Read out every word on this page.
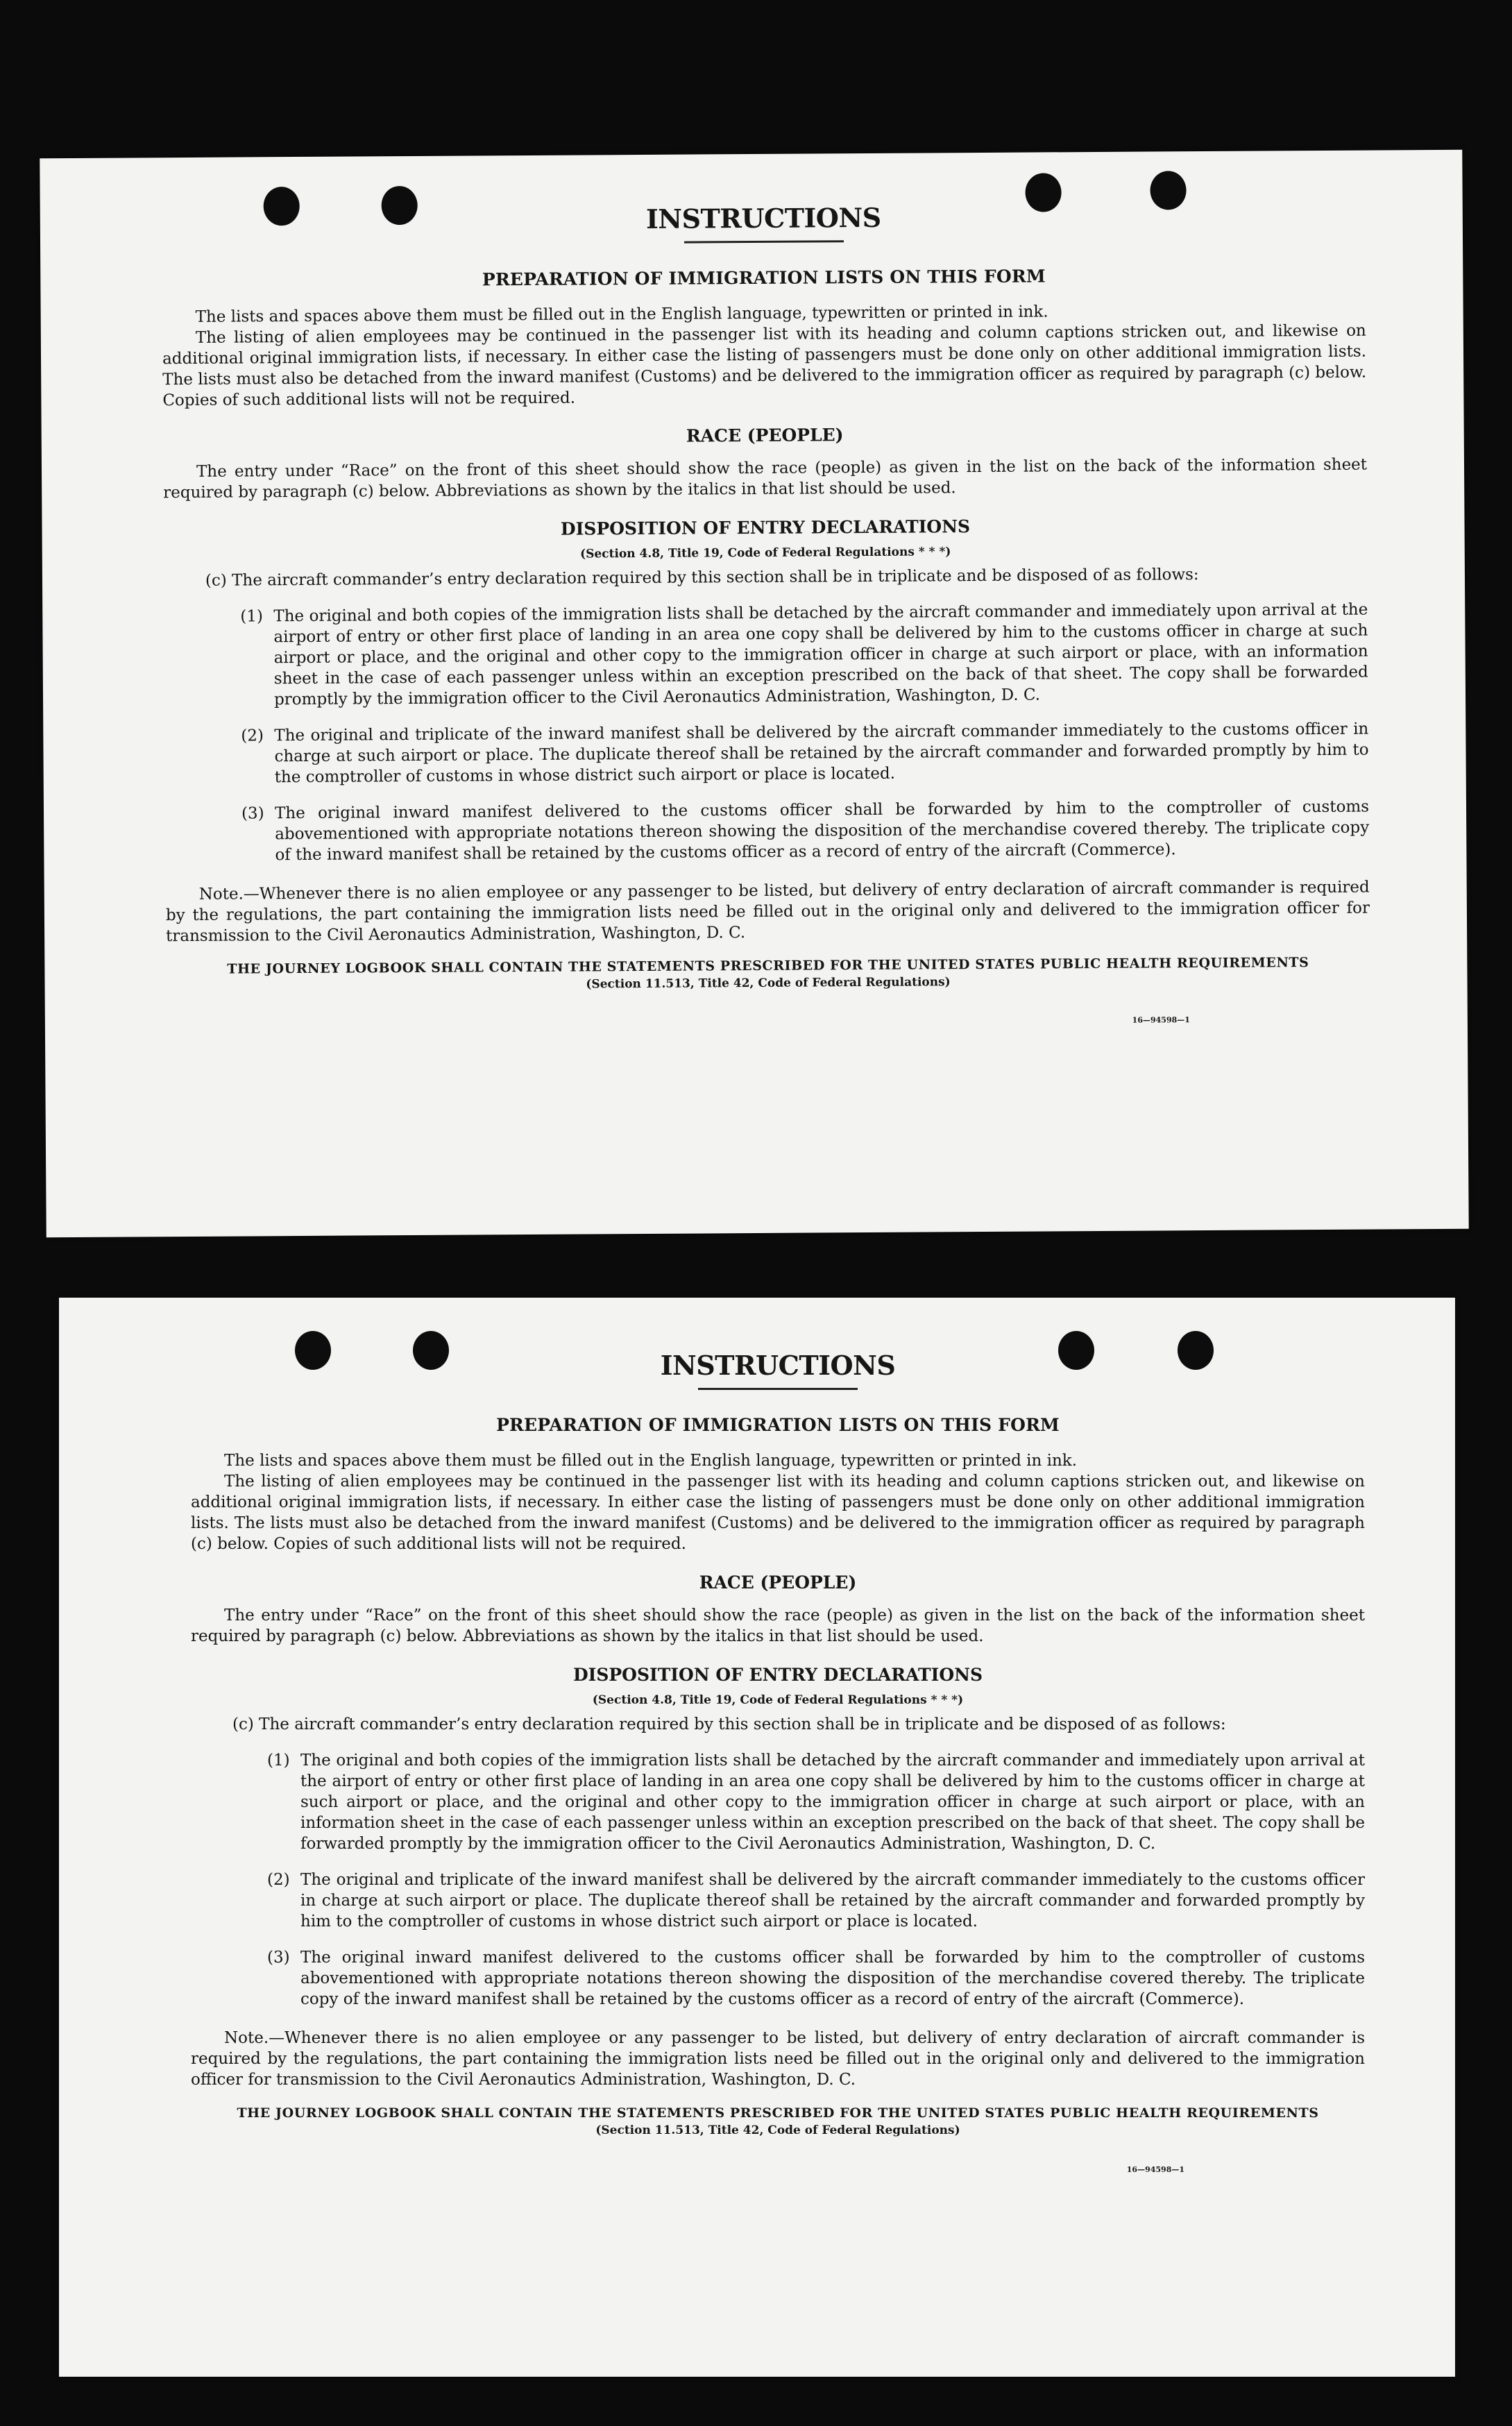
INSTRUCTIONS
PREPARATION OF IMMIGRATION LISTS ON THIS FORM

The lists and spaces above them must be filled out in the English language, typewritten or printed in ink.

The listing of alien employees may be continued in the passenger list with its heading and column captions stricken out, and likewise on additional original immigration lists, if necessary. In either case the listing of passengers must be done only on other additional immigration lists. The lists must also be detached from the inward manifest (Customs) and be delivered to the immigration officer as required by paragraph (c) below. Copies of such additional lists will not be required.

RACE (PEOPLE)

The entry under “Race” on the front of this sheet should show the race (people) as given in the list on the back of the information sheet required by paragraph (c) below. Abbreviations as shown by the italics in that list should be used.

DISPOSITION OF ENTRY DECLARATIONS
(Section 4.8, Title 19, Code of Federal Regulations * * *)

(c) The aircraft commander’s entry declaration required by this section shall be in triplicate and be disposed of as follows:

(1) The original and both copies of the immigration lists shall be detached by the aircraft commander and immediately upon arrival at the airport of entry or other first place of landing in an area one copy shall be delivered by him to the customs officer in charge at such airport or place, and the original and other copy to the immigration officer in charge at such airport or place, with an information sheet in the case of each passenger unless within an exception prescribed on the back of that sheet. The copy shall be forwarded promptly by the immigration officer to the Civil Aeronautics Administration, Washington, D. C.

(2) The original and triplicate of the inward manifest shall be delivered by the aircraft commander immediately to the customs officer in charge at such airport or place. The duplicate thereof shall be retained by the aircraft commander and forwarded promptly by him to the comptroller of customs in whose district such airport or place is located.

(3) The original inward manifest delivered to the customs officer shall be forwarded by him to the comptroller of customs abovementioned with appropriate notations thereon showing the disposition of the merchandise covered thereby. The triplicate copy of the inward manifest shall be retained by the customs officer as a record of entry of the aircraft (Commerce).

Note.—Whenever there is no alien employee or any passenger to be listed, but delivery of entry declaration of aircraft commander is required by the regulations, the part containing the immigration lists need be filled out in the original only and delivered to the immigration officer for transmission to the Civil Aeronautics Administration, Washington, D. C.

THE JOURNEY LOGBOOK SHALL CONTAIN THE STATEMENTS PRESCRIBED FOR THE UNITED STATES PUBLIC HEALTH REQUIREMENTS
(Section 11.513, Title 42, Code of Federal Regulations)
16—94598—1
INSTRUCTIONS
PREPARATION OF IMMIGRATION LISTS ON THIS FORM

The lists and spaces above them must be filled out in the English language, typewritten or printed in ink.

The listing of alien employees may be continued in the passenger list with its heading and column captions stricken out, and likewise on additional original immigration lists, if necessary. In either case the listing of passengers must be done only on other additional immigration lists. The lists must also be detached from the inward manifest (Customs) and be delivered to the immigration officer as required by paragraph (c) below. Copies of such additional lists will not be required.

RACE (PEOPLE)

The entry under “Race” on the front of this sheet should show the race (people) as given in the list on the back of the information sheet required by paragraph (c) below. Abbreviations as shown by the italics in that list should be used.

DISPOSITION OF ENTRY DECLARATIONS
(Section 4.8, Title 19, Code of Federal Regulations * * *)

(c) The aircraft commander’s entry declaration required by this section shall be in triplicate and be disposed of as follows:

(1) The original and both copies of the immigration lists shall be detached by the aircraft commander and immediately upon arrival at the airport of entry or other first place of landing in an area one copy shall be delivered by him to the customs officer in charge at such airport or place, and the original and other copy to the immigration officer in charge at such airport or place, with an information sheet in the case of each passenger unless within an exception prescribed on the back of that sheet. The copy shall be forwarded promptly by the immigration officer to the Civil Aeronautics Administration, Washington, D. C.

(2) The original and triplicate of the inward manifest shall be delivered by the aircraft commander immediately to the customs officer in charge at such airport or place. The duplicate thereof shall be retained by the aircraft commander and forwarded promptly by him to the comptroller of customs in whose district such airport or place is located.

(3) The original inward manifest delivered to the customs officer shall be forwarded by him to the comptroller of customs abovementioned with appropriate notations thereon showing the disposition of the merchandise covered thereby. The triplicate copy of the inward manifest shall be retained by the customs officer as a record of entry of the aircraft (Commerce).

Note.—Whenever there is no alien employee or any passenger to be listed, but delivery of entry declaration of aircraft commander is required by the regulations, the part containing the immigration lists need be filled out in the original only and delivered to the immigration officer for transmission to the Civil Aeronautics Administration, Washington, D. C.

THE JOURNEY LOGBOOK SHALL CONTAIN THE STATEMENTS PRESCRIBED FOR THE UNITED STATES PUBLIC HEALTH REQUIREMENTS
(Section 11.513, Title 42, Code of Federal Regulations)
16—94598—1
